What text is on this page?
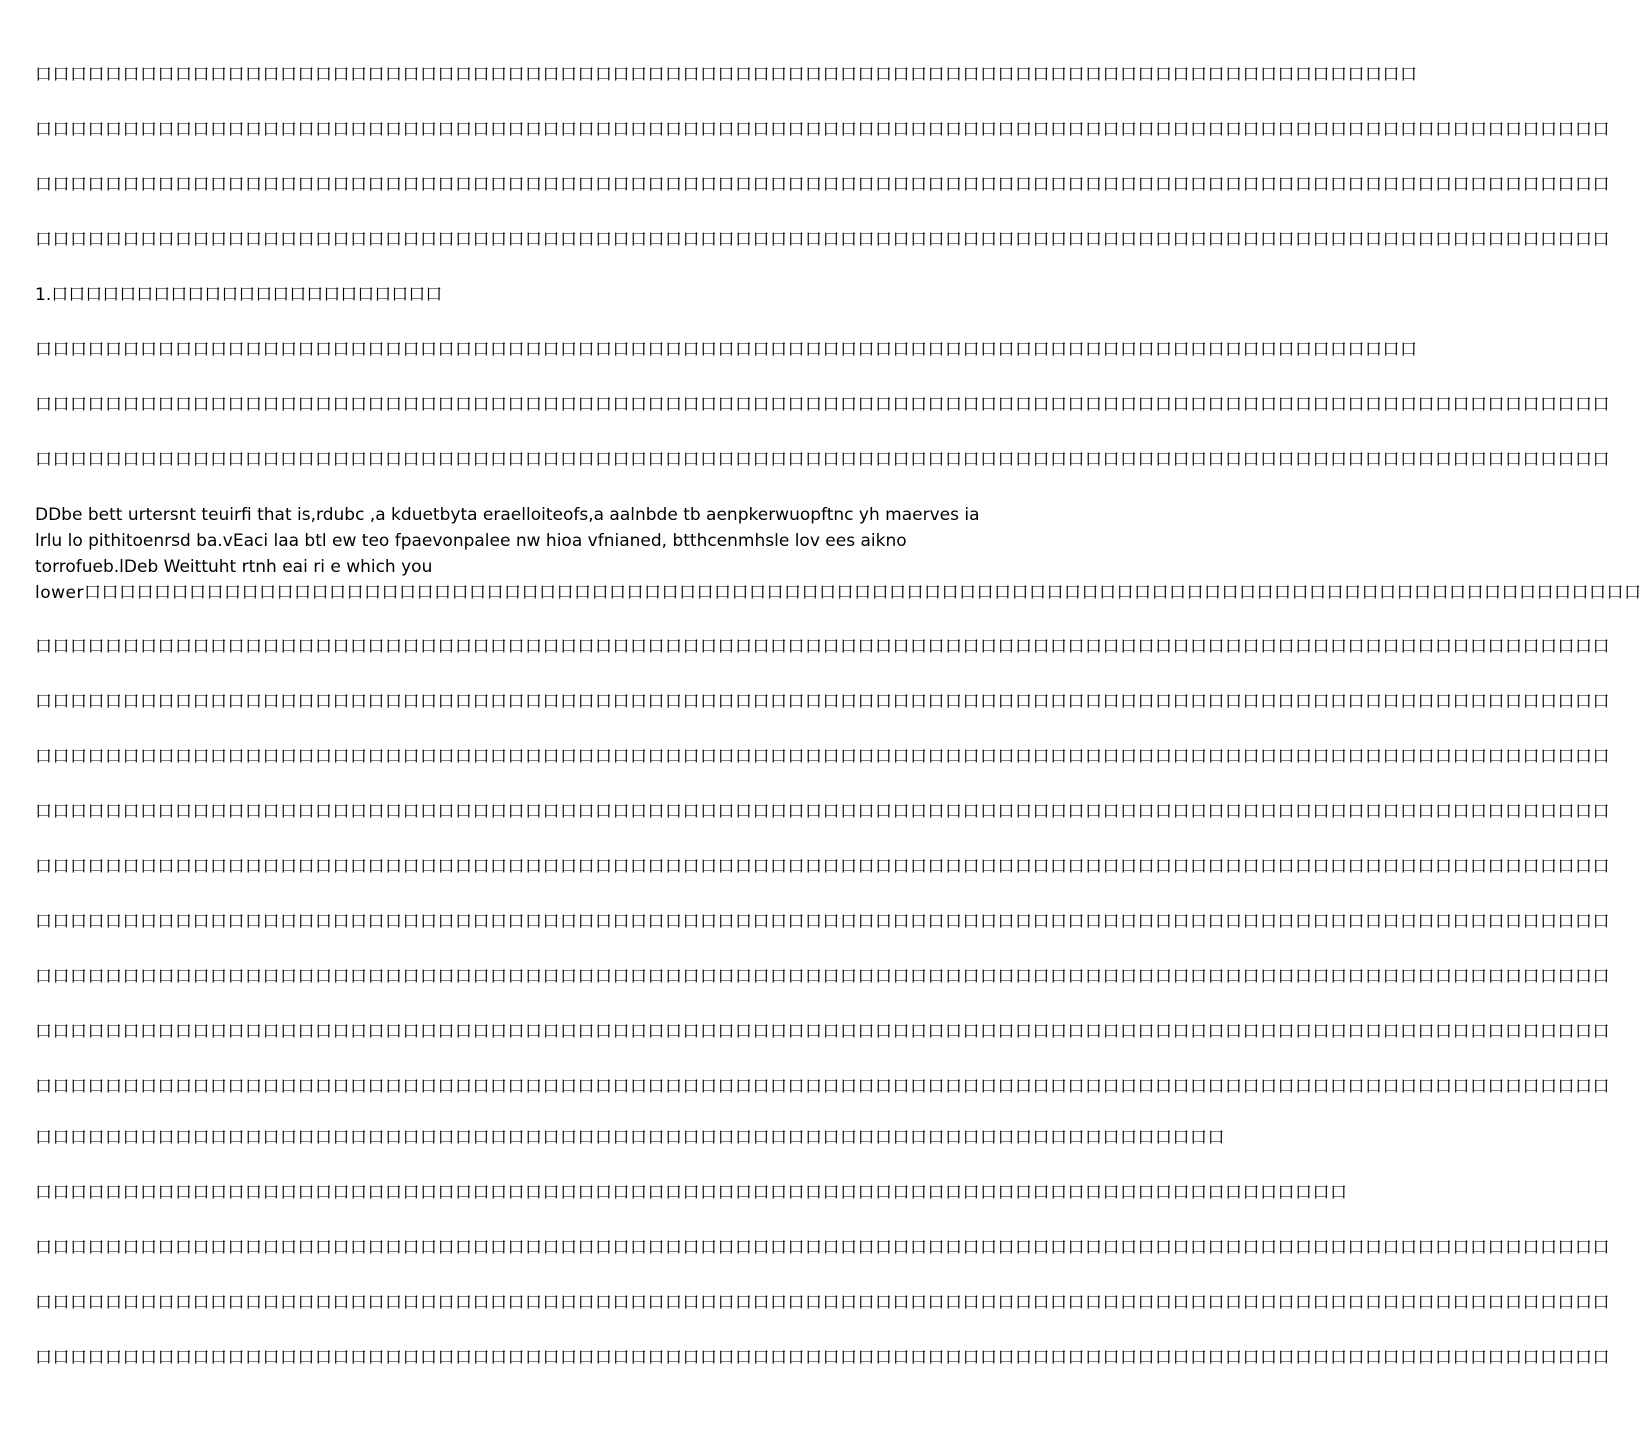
口口口口口口口口口口口口口口口口口口口口口口口口口口口口口口口口口口口口口口口口口口口口口口口口口口口口口口口口口口口口口口口口口口口口口口口口口口口口口口口
口口口口口口口口口口口口口口口口口口口口口口口口口口口口口口口口口口口口口口口口口口口口口口口口口口口口口口口口口口口口口口口口口口口口口口口口口口口口口口口口口口口口口口口口口口
口口口口口口口口口口口口口口口口口口口口口口口口口口口口口口口口口口口口口口口口口口口口口口口口口口口口口口口口口口口口口口口口口口口口口口口口口口口口口口口口口口口口口口口口口口
口口口口口口口口口口口口口口口口口口口口口口口口口口口口口口口口口口口口口口口口口口口口口口口口口口口口口口口口口口口口口口口口口口口口口口口口口口口口口口口口口口口口口口口口口口
1.口口口口口口口口口口口口口口口口口口口口口口口
口口口口口口口口口口口口口口口口口口口口口口口口口口口口口口口口口口口口口口口口口口口口口口口口口口口口口口口口口口口口口口口口口口口口口口口口口口口口口口口
口口口口口口口口口口口口口口口口口口口口口口口口口口口口口口口口口口口口口口口口口口口口口口口口口口口口口口口口口口口口口口口口口口口口口口口口口口口口口口口口口口口口口口口口口口
口口口口口口口口口口口口口口口口口口口口口口口口口口口口口口口口口口口口口口口口口口口口口口口口口口口口口口口口口口口口口口口口口口口口口口口口口口口口口口口口口口口口口口口口口口
DDbe bett urtersnt teuirfi that is,rdubc ,a kduetbyta eraelloiteofs,a aalnbde tb aenpkerwuopftnc yh maerves ia lrlu lo pithitoenrsd ba.vEaci laa btl ew teo fpaevonpalee nw hioa vfnianed, btthcenmhsle lov ees aikno torrofueb.lDeb Weittuht rtnh eai ri e which you
lower口口口口口口口口口口口口口口口口口口口口口口口口口口口口口口口口口口口口口口口口口口口口口口口口口口口口口口口口口口口口口口口口口口口口口口口口口口口口口口口口口口口口口口口口口
口口口口口口口口口口口口口口口口口口口口口口口口口口口口口口口口口口口口口口口口口口口口口口口口口口口口口口口口口口口口口口口口口口口口口口口口口口口口口口口口口口口口口口口口口口
口口口口口口口口口口口口口口口口口口口口口口口口口口口口口口口口口口口口口口口口口口口口口口口口口口口口口口口口口口口口口口口口口口口口口口口口口口口口口口口口口口口口口口口口口口
口口口口口口口口口口口口口口口口口口口口口口口口口口口口口口口口口口口口口口口口口口口口口口口口口口口口口口口口口口口口口口口口口口口口口口口口口口口口口口口口口口口口口口口口口口
口口口口口口口口口口口口口口口口口口口口口口口口口口口口口口口口口口口口口口口口口口口口口口口口口口口口口口口口口口口口口口口口口口口口口口口口口口口口口口口口口口口口口口口口口口
口口口口口口口口口口口口口口口口口口口口口口口口口口口口口口口口口口口口口口口口口口口口口口口口口口口口口口口口口口口口口口口口口口口口口口口口口口口口口口口口口口口口口口口口口口
口口口口口口口口口口口口口口口口口口口口口口口口口口口口口口口口口口口口口口口口口口口口口口口口口口口口口口口口口口口口口口口口口口口口口口口口口口口口口口口口口口口口口口口口口口
口口口口口口口口口口口口口口口口口口口口口口口口口口口口口口口口口口口口口口口口口口口口口口口口口口口口口口口口口口口口口口口口口口口口口口口口口口口口口口口口口口口口口口口口口口
口口口口口口口口口口口口口口口口口口口口口口口口口口口口口口口口口口口口口口口口口口口口口口口口口口口口口口口口口口口口口口口口口口口口口口口口口口口口口口口口口口口口口口口口口口
口口口口口口口口口口口口口口口口口口口口口口口口口口口口口口口口口口口口口口口口口口口口口口口口口口口口口口口口口口口口口口口口口口口口口口口口口口口口口口口口口口口口口口口口口口
口口口口口口口口口口口口口口口口口口口口口口口口口口口口口口口口口口口口口口口口口口口口口口口口口口口口口口口口口口口口口口口口口口口口
口口口口口口口口口口口口口口口口口口口口口口口口口口口口口口口口口口口口口口口口口口口口口口口口口口口口口口口口口口口口口口口口口口口口口口口口口口口
口口口口口口口口口口口口口口口口口口口口口口口口口口口口口口口口口口口口口口口口口口口口口口口口口口口口口口口口口口口口口口口口口口口口口口口口口口口口口口口口口口口口口口口口口口
口口口口口口口口口口口口口口口口口口口口口口口口口口口口口口口口口口口口口口口口口口口口口口口口口口口口口口口口口口口口口口口口口口口口口口口口口口口口口口口口口口口口口口口口口口
口口口口口口口口口口口口口口口口口口口口口口口口口口口口口口口口口口口口口口口口口口口口口口口口口口口口口口口口口口口口口口口口口口口口口口口口口口口口口口口口口口口口口口口口口口
